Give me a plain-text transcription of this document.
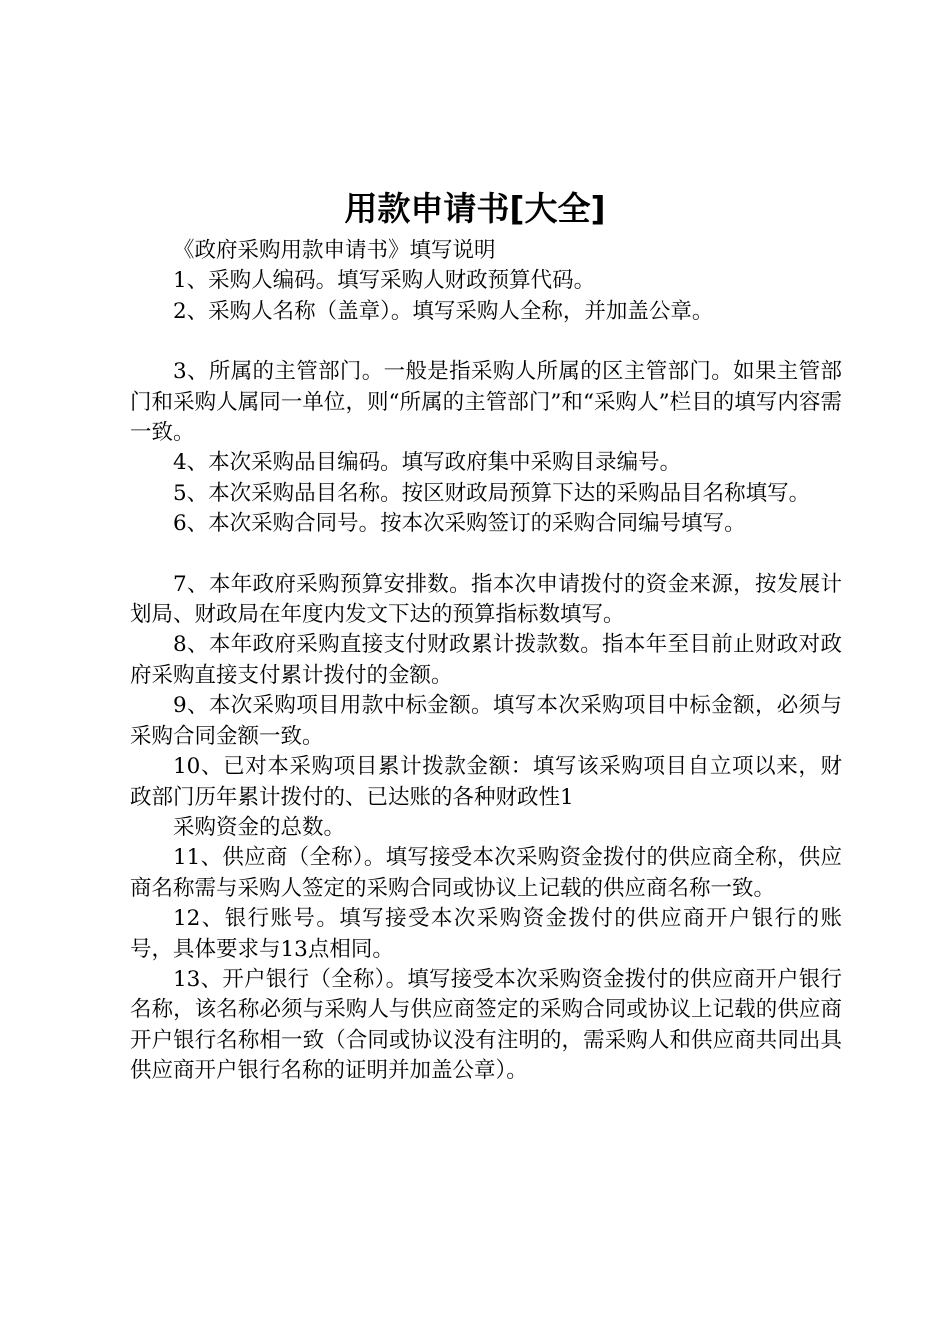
用款申请书[大全]

《政府采购用款申请书》填写说明

1、采购人编码。填写采购人财政预算代码。

2、采购人名称（盖章）。填写采购人全称，并加盖公章。

3、所属的主管部门。一般是指采购人所属的区主管部门。如果主管部门和采购人属同一单位，则“所属的主管部门”和“采购人”栏目的填写内容需一致。

4、本次采购品目编码。填写政府集中采购目录编号。

5、本次采购品目名称。按区财政局预算下达的采购品目名称填写。

6、本次采购合同号。按本次采购签订的采购合同编号填写。

7、本年政府采购预算安排数。指本次申请拨付的资金来源，按发展计划局、财政局在年度内发文下达的预算指标数填写。

8、本年政府采购直接支付财政累计拨款数。指本年至目前止财政对政府采购直接支付累计拨付的金额。

9、本次采购项目用款中标金额。填写本次采购项目中标金额，必须与采购合同金额一致。

10、已对本采购项目累计拨款金额：填写该采购项目自立项以来，财政部门历年累计拨付的、已达账的各种财政性1

采购资金的总数。

11、供应商（全称）。填写接受本次采购资金拨付的供应商全称，供应商名称需与采购人签定的采购合同或协议上记载的供应商名称一致。

12、银行账号。填写接受本次采购资金拨付的供应商开户银行的账号，具体要求与13点相同。

13、开户银行（全称）。填写接受本次采购资金拨付的供应商开户银行名称，该名称必须与采购人与供应商签定的采购合同或协议上记载的供应商开户银行名称相一致（合同或协议没有注明的，需采购人和供应商共同出具供应商开户银行名称的证明并加盖公章）。
